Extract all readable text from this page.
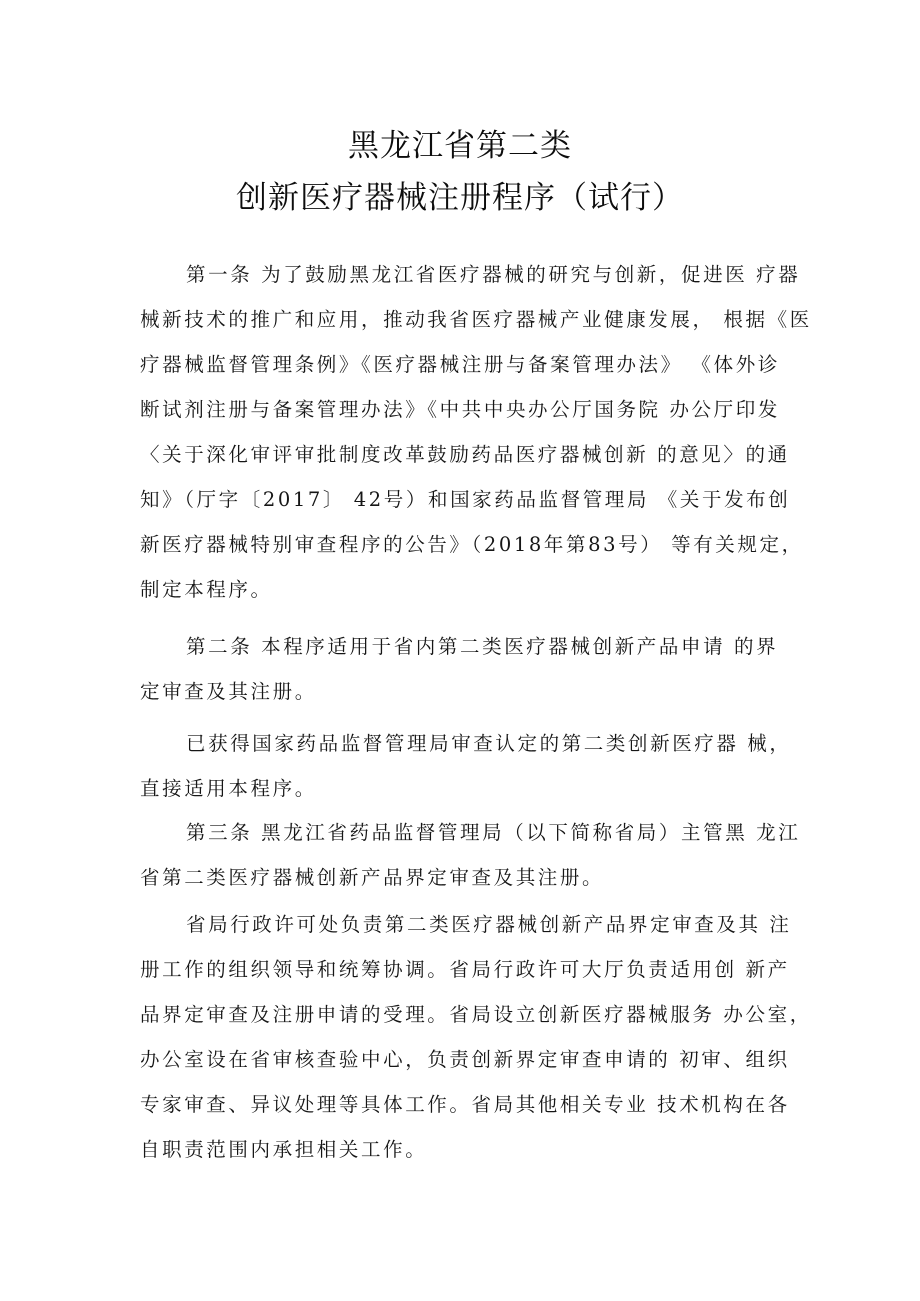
黑龙江省第二类
创新医疗器械注册程序（试行）

第一条 为了鼓励黑龙江省医疗器械的研究与创新，促进医 疗器

械新技术的推广和应用，推动我省医疗器械产业健康发展， 根据《医

疗器械监督管理条例》《医疗器械注册与备案管理办法》 《体外诊

断试剂注册与备案管理办法》《中共中央办公厅国务院 办公厅印发

〈关于深化审评审批制度改革鼓励药品医疗器械创新 的意见〉的通

知》（厅字〔2017〕 42号）和国家药品监督管理局 《关于发布创

新医疗器械特别审查程序的公告》（2018年第83号） 等有关规定，

制定本程序。

第二条 本程序适用于省内第二类医疗器械创新产品申请 的界

定审查及其注册。

已获得国家药品监督管理局审查认定的第二类创新医疗器 械，

直接适用本程序。

第三条 黑龙江省药品监督管理局（以下简称省局）主管黑 龙江

省第二类医疗器械创新产品界定审查及其注册。

省局行政许可处负责第二类医疗器械创新产品界定审查及其 注

册工作的组织领导和统筹协调。省局行政许可大厅负责适用创 新产

品界定审查及注册申请的受理。省局设立创新医疗器械服务 办公室，

办公室设在省审核查验中心，负责创新界定审查申请的 初审、组织

专家审查、异议处理等具体工作。省局其他相关专业 技术机构在各

自职责范围内承担相关工作。
